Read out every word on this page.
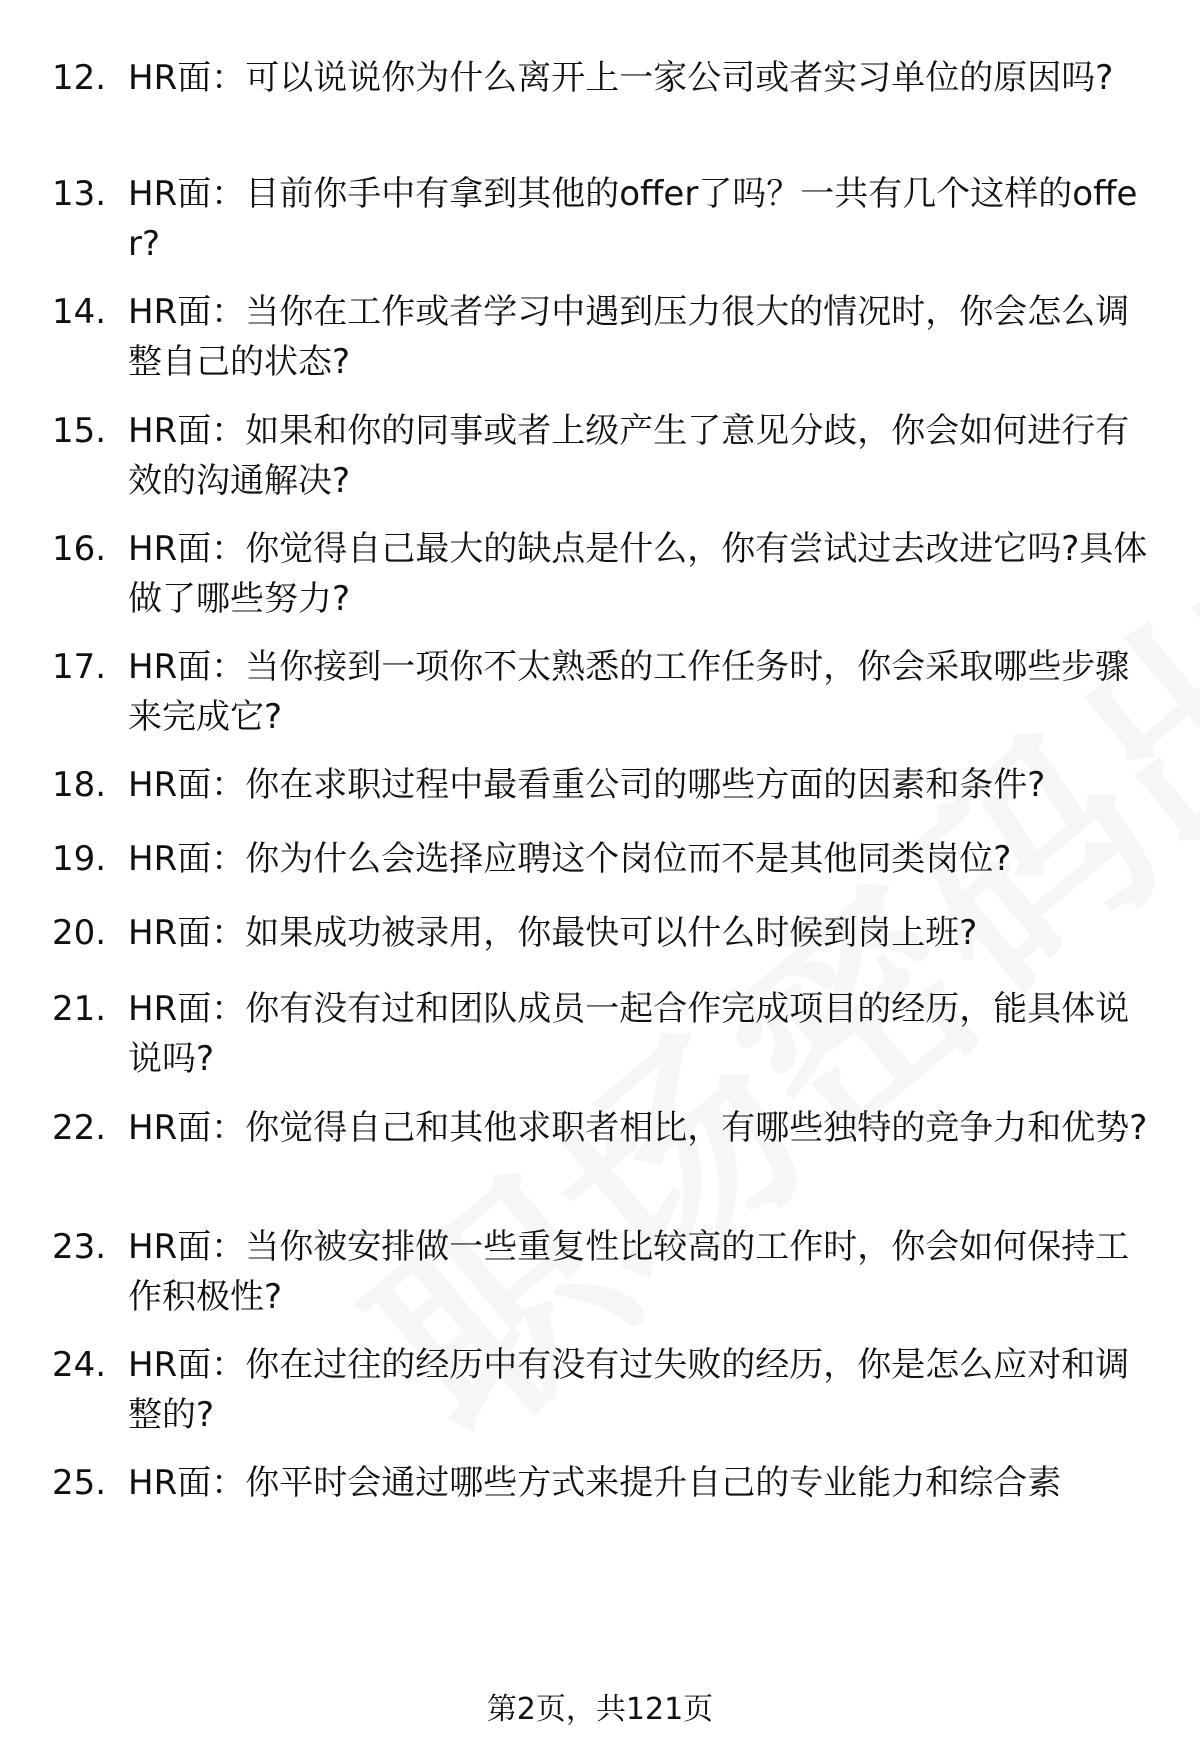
12. HR面：可以说说你为什么离开上一家公司或者实习单位的原因吗?
13. HR面：目前你手中有拿到其他的offer了吗？一共有几个这样的offer?
14. HR面：当你在工作或者学习中遇到压力很大的情况时，你会怎么调整自己的状态?
15. HR面：如果和你的同事或者上级产生了意见分歧，你会如何进行有效的沟通解决?
16. HR面：你觉得自己最大的缺点是什么，你有尝试过去改进它吗?具体做了哪些努力?
17. HR面：当你接到一项你不太熟悉的工作任务时，你会采取哪些步骤来完成它?
18. HR面：你在求职过程中最看重公司的哪些方面的因素和条件?
19. HR面：你为什么会选择应聘这个岗位而不是其他同类岗位?
20. HR面：如果成功被录用，你最快可以什么时候到岗上班?
21. HR面：你有没有过和团队成员一起合作完成项目的经历，能具体说说吗?
22. HR面：你觉得自己和其他求职者相比，有哪些独特的竞争力和优势?
23. HR面：当你被安排做一些重复性比较高的工作时，你会如何保持工作积极性?
24. HR面：你在过往的经历中有没有过失败的经历，你是怎么应对和调整的?
25. HR面：你平时会通过哪些方式来提升自己的专业能力和综合素
第2页，共121页
